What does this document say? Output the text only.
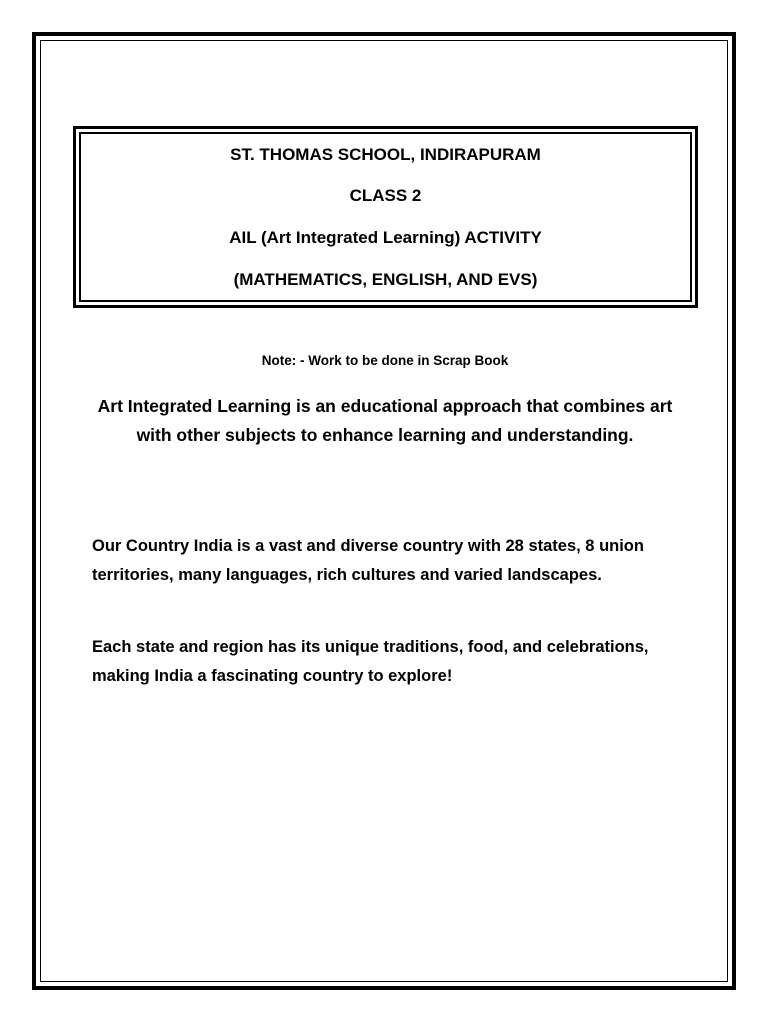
ST. THOMAS SCHOOL, INDIRAPURAM
CLASS 2
AIL (Art Integrated Learning) ACTIVITY
(MATHEMATICS, ENGLISH, AND EVS)
Note: - Work to be done in Scrap Book
Art Integrated Learning is an educational approach that combines art with other subjects to enhance learning and understanding.
Our Country India is a vast and diverse country with 28 states, 8 union territories, many languages, rich cultures and varied landscapes.
Each state and region has its unique traditions, food, and celebrations, making India a fascinating country to explore!
